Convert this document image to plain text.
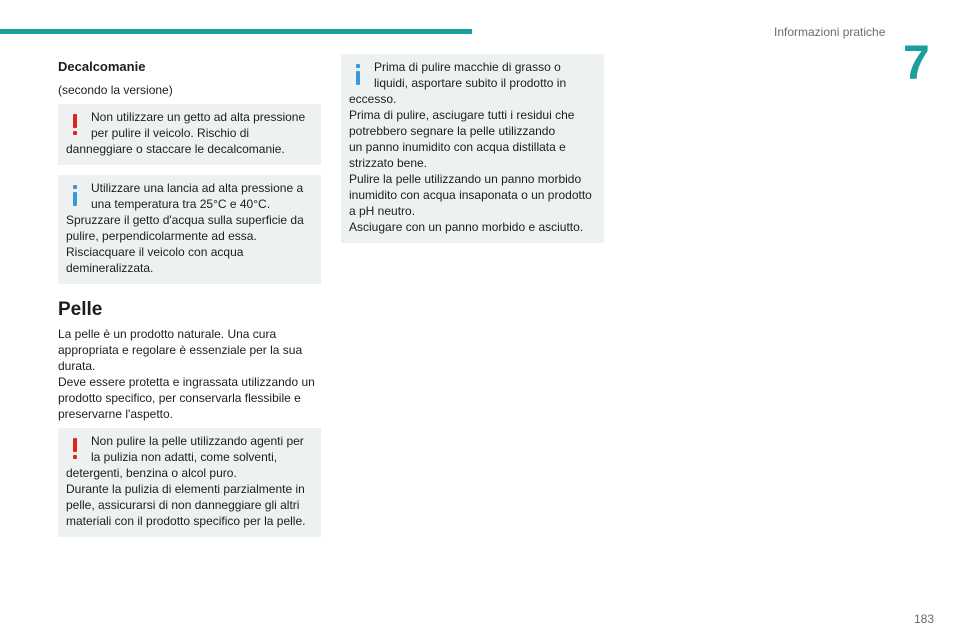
Informazioni pratiche
7
Decalcomanie

(secondo la versione)

Non utilizzare un getto ad alta pressione per pulire il veicolo. Rischio di

danneggiare o staccare le decalcomanie.

Utilizzare una lancia ad alta pressione a una temperatura tra 25°C e 40°C.

Spruzzare il getto d'acqua sulla superficie da pulire, perpendicolarmente ad essa.

Risciacquare il veicolo con acqua demineralizzata.

Pelle

La pelle è un prodotto naturale. Una cura appropriata e regolare è essenziale per la sua durata.

Deve essere protetta e ingrassata utilizzando un prodotto specifico, per conservarla flessibile e preservarne l'aspetto.

Non pulire la pelle utilizzando agenti per la pulizia non adatti, come solventi,

detergenti, benzina o alcol puro.

Durante la pulizia di elementi parzialmente in pelle, assicurarsi di non danneggiare gli altri materiali con il prodotto specifico per la pelle.

Prima di pulire macchie di grasso o liquidi, asportare subito il prodotto in

eccesso.

Prima di pulire, asciugare tutti i residui che potrebbero segnare la pelle utilizzando

un panno inumidito con acqua distillata e strizzato bene.

Pulire la pelle utilizzando un panno morbido inumidito con acqua insaponata o un prodotto a pH neutro.

Asciugare con un panno morbido e asciutto.

183
